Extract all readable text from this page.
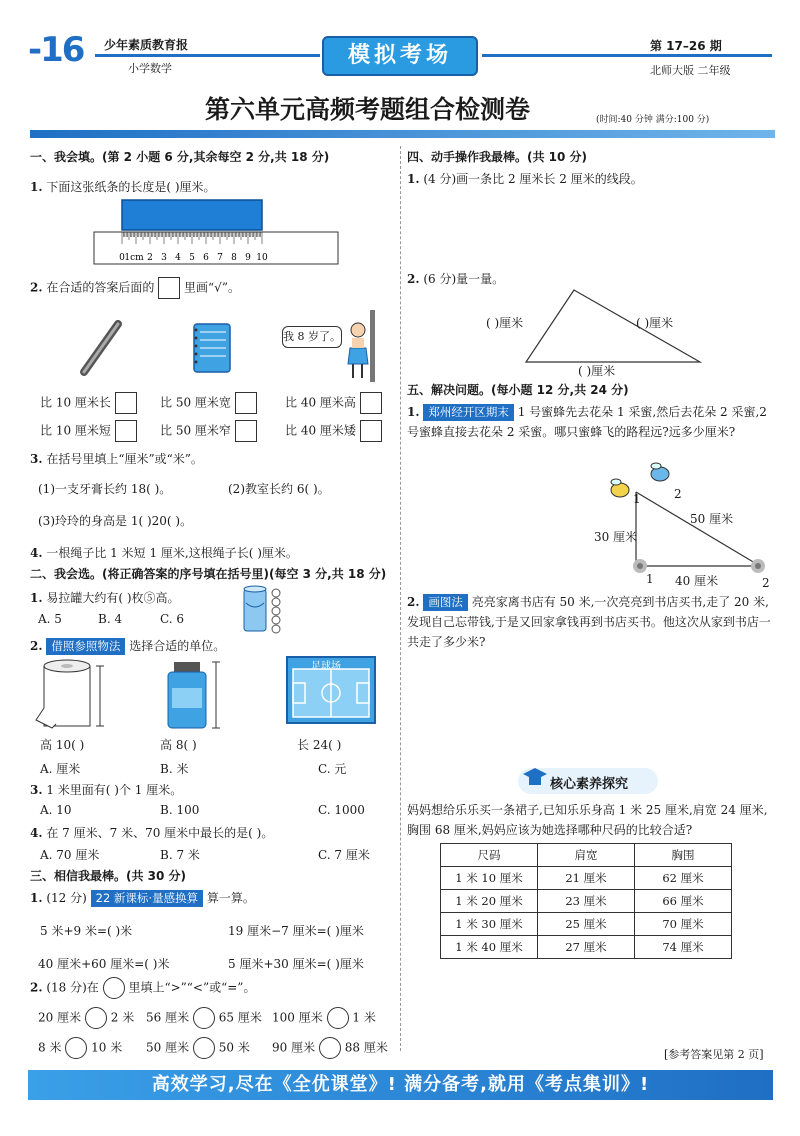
-16 少年素质教育报
小学数学
模拟考场	第 17–26 期
北师大版 二年级
第六单元高频考题组合检测卷	(时间:40 分钟 满分:100 分)
一、我会填。(第 2 小题 6 分,其余每空 2 分,共 18 分)
1. 下面这张纸条的长度是( )厘米。
0 1cm 2 3 4 5 6 7 8 9 10
2. 在合适的答案后面的 里画“√”。
我 8 岁了。
比 10 厘米长	比 50 厘米宽	比 40 厘米高
比 10 厘米短	比 50 厘米窄	比 40 厘米矮
3. 在括号里填上“厘米”或“米”。
(1)一支牙膏长约 18( )。	(2)教室长约 6( )。
(3)玲玲的身高是 1( )20( )。
4. 一根绳子比 1 米短 1 厘米,这根绳子长( )厘米。
二、我会选。(将正确答案的序号填在括号里)(每空 3 分,共 18 分)
1. 易拉罐大约有( )枚⑤高。
A. 5	B. 4	C. 6
2. 借照参照物法 选择合适的单位。
足球场
高 10( )	高 8( )	长 24( )
A. 厘米	B. 米	C. 元
3. 1 米里面有( )个 1 厘米。
A. 10	B. 100	C. 1000
4. 在 7 厘米、7 米、70 厘米中最长的是( )。
A. 70 厘米	B. 7 米	C. 7 厘米
三、相信我最棒。(共 30 分)
1. (12 分) 22 新课标·量感换算 算一算。
5 米+9 米=( )米	19 厘米−7 厘米=( )厘米
40 厘米+60 厘米=( )米	5 厘米+30 厘米=( )厘米
2. (18 分)在 里填上“>”“<”或“=”。
20 厘米 2 米 56 厘米 65 厘米 100 厘米 1 米
8 米 10 米 50 厘米 50 米 90 厘米 88 厘米
四、动手操作我最棒。(共 10 分)
1. (4 分)画一条比 2 厘米长 2 厘米的线段。
2. (6 分)量一量。
( )厘米	( )厘米
( )厘米
五、解决问题。(每小题 12 分,共 24 分)
1. 郑州经开区期末 1 号蜜蜂先去花朵 1 采蜜,然后去花朵 2 采蜜,2 号蜜蜂直接去花朵 2 采蜜。哪只蜜蜂飞的路程远?远多少厘米?
1	2
30 厘米
50 厘米
40 厘米
1	2
2. 画图法 亮亮家离书店有 50 米,一次亮亮到书店买书,走了 20 米,发现自己忘带钱,于是又回家拿钱再到书店买书。他这次从家到书店一共走了多少米?
核心素养探究
妈妈想给乐乐买一条裙子,已知乐乐身高 1 米 25 厘米,肩宽 24 厘米,胸围 68 厘米,妈妈应该为她选择哪种尺码的比较合适?
尺码	肩宽	胸围
1 米 10 厘米	21 厘米	62 厘米
1 米 20 厘米	23 厘米	66 厘米
1 米 30 厘米	25 厘米	70 厘米
1 米 40 厘米	27 厘米	74 厘米
[参考答案见第 2 页]
高效学习,尽在《全优课堂》! 满分备考,就用《考点集训》!
